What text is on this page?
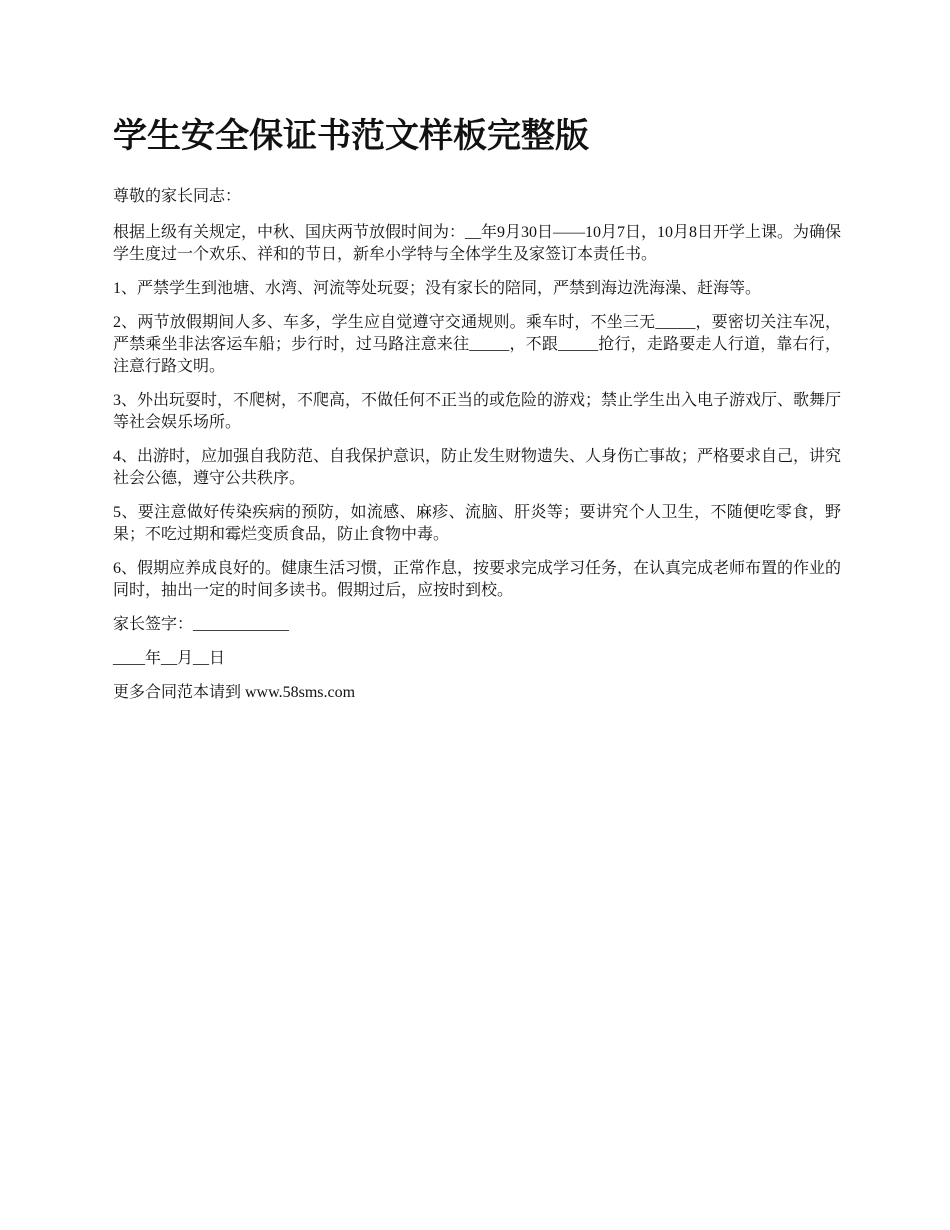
学生安全保证书范文样板完整版

尊敬的家长同志：

根据上级有关规定，中秋、国庆两节放假时间为：__年9月30日——10月7日，10月8日开学上课。为确保学生度过一个欢乐、祥和的节日，新牟小学特与全体学生及家签订本责任书。

1、严禁学生到池塘、水湾、河流等处玩耍；没有家长的陪同，严禁到海边洗海澡、赶海等。

2、两节放假期间人多、车多，学生应自觉遵守交通规则。乘车时，不坐三无_____，要密切关注车况，严禁乘坐非法客运车船；步行时，过马路注意来往_____，不跟_____抢行，走路要走人行道，靠右行，注意行路文明。

3、外出玩耍时，不爬树，不爬高，不做任何不正当的或危险的游戏；禁止学生出入电子游戏厅、歌舞厅等社会娱乐场所。

4、出游时，应加强自我防范、自我保护意识，防止发生财物遗失、人身伤亡事故；严格要求自己，讲究社会公德，遵守公共秩序。

5、要注意做好传染疾病的预防，如流感、麻疹、流脑、肝炎等；要讲究个人卫生，不随便吃零食，野果；不吃过期和霉烂变质食品，防止食物中毒。

6、假期应养成良好的。健康生活习惯，正常作息，按要求完成学习任务，在认真完成老师布置的作业的同时，抽出一定的时间多读书。假期过后，应按时到校。

家长签字：____________

____年__月__日

更多合同范本请到 www.58sms.com
